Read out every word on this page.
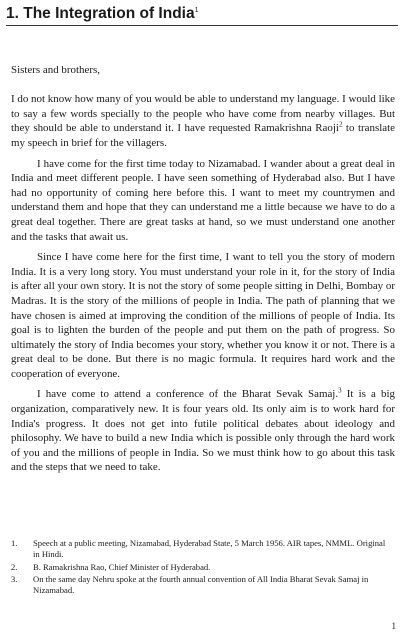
1. The Integration of India$^1$

Sisters and brothers,

I do not know how many of you would be able to understand my language. I would like to say a few words specially to the people who have come from nearby villages. But they should be able to understand it. I have requested Ramakrishna Raoji$^2$ to translate my speech in brief for the villagers.

I have come for the first time today to Nizamabad. I wander about a great deal in India and meet different people. I have seen something of Hyderabad also. But I have had no opportunity of coming here before this. I want to meet my countrymen and understand them and hope that they can understand me a little because we have to do a great deal together. There are great tasks at hand, so we must understand one another and the tasks that await us.

Since I have come here for the first time, I want to tell you the story of modern India. It is a very long story. You must understand your role in it, for the story of India is after all your own story. It is not the story of some people sitting in Delhi, Bombay or Madras. It is the story of the millions of people in India. The path of planning that we have chosen is aimed at improving the condition of the millions of people of India. Its goal is to lighten the burden of the people and put them on the path of progress. So ultimately the story of India becomes your story, whether you know it or not. There is a great deal to be done. But there is no magic formula. It requires hard work and the cooperation of everyone.

I have come to attend a conference of the Bharat Sevak Samaj.$^3$ It is a big organization, comparatively new. It is four years old. Its only aim is to work hard for India's progress. It does not get into futile political debates about ideology and philosophy. We have to build a new India which is possible only through the hard work of you and the millions of people in India. So we must think how to go about this task and the steps that we need to take.

1. Speech at a public meeting, Nizamabad, Hyderabad State, 5 March 1956. AIR tapes, NMML. Original in Hindi.
2. B. Ramakrishna Rao, Chief Minister of Hyderabad.
3. On the same day Nehru spoke at the fourth annual convention of All India Bharat Sevak Samaj in Nizamabad.
1
